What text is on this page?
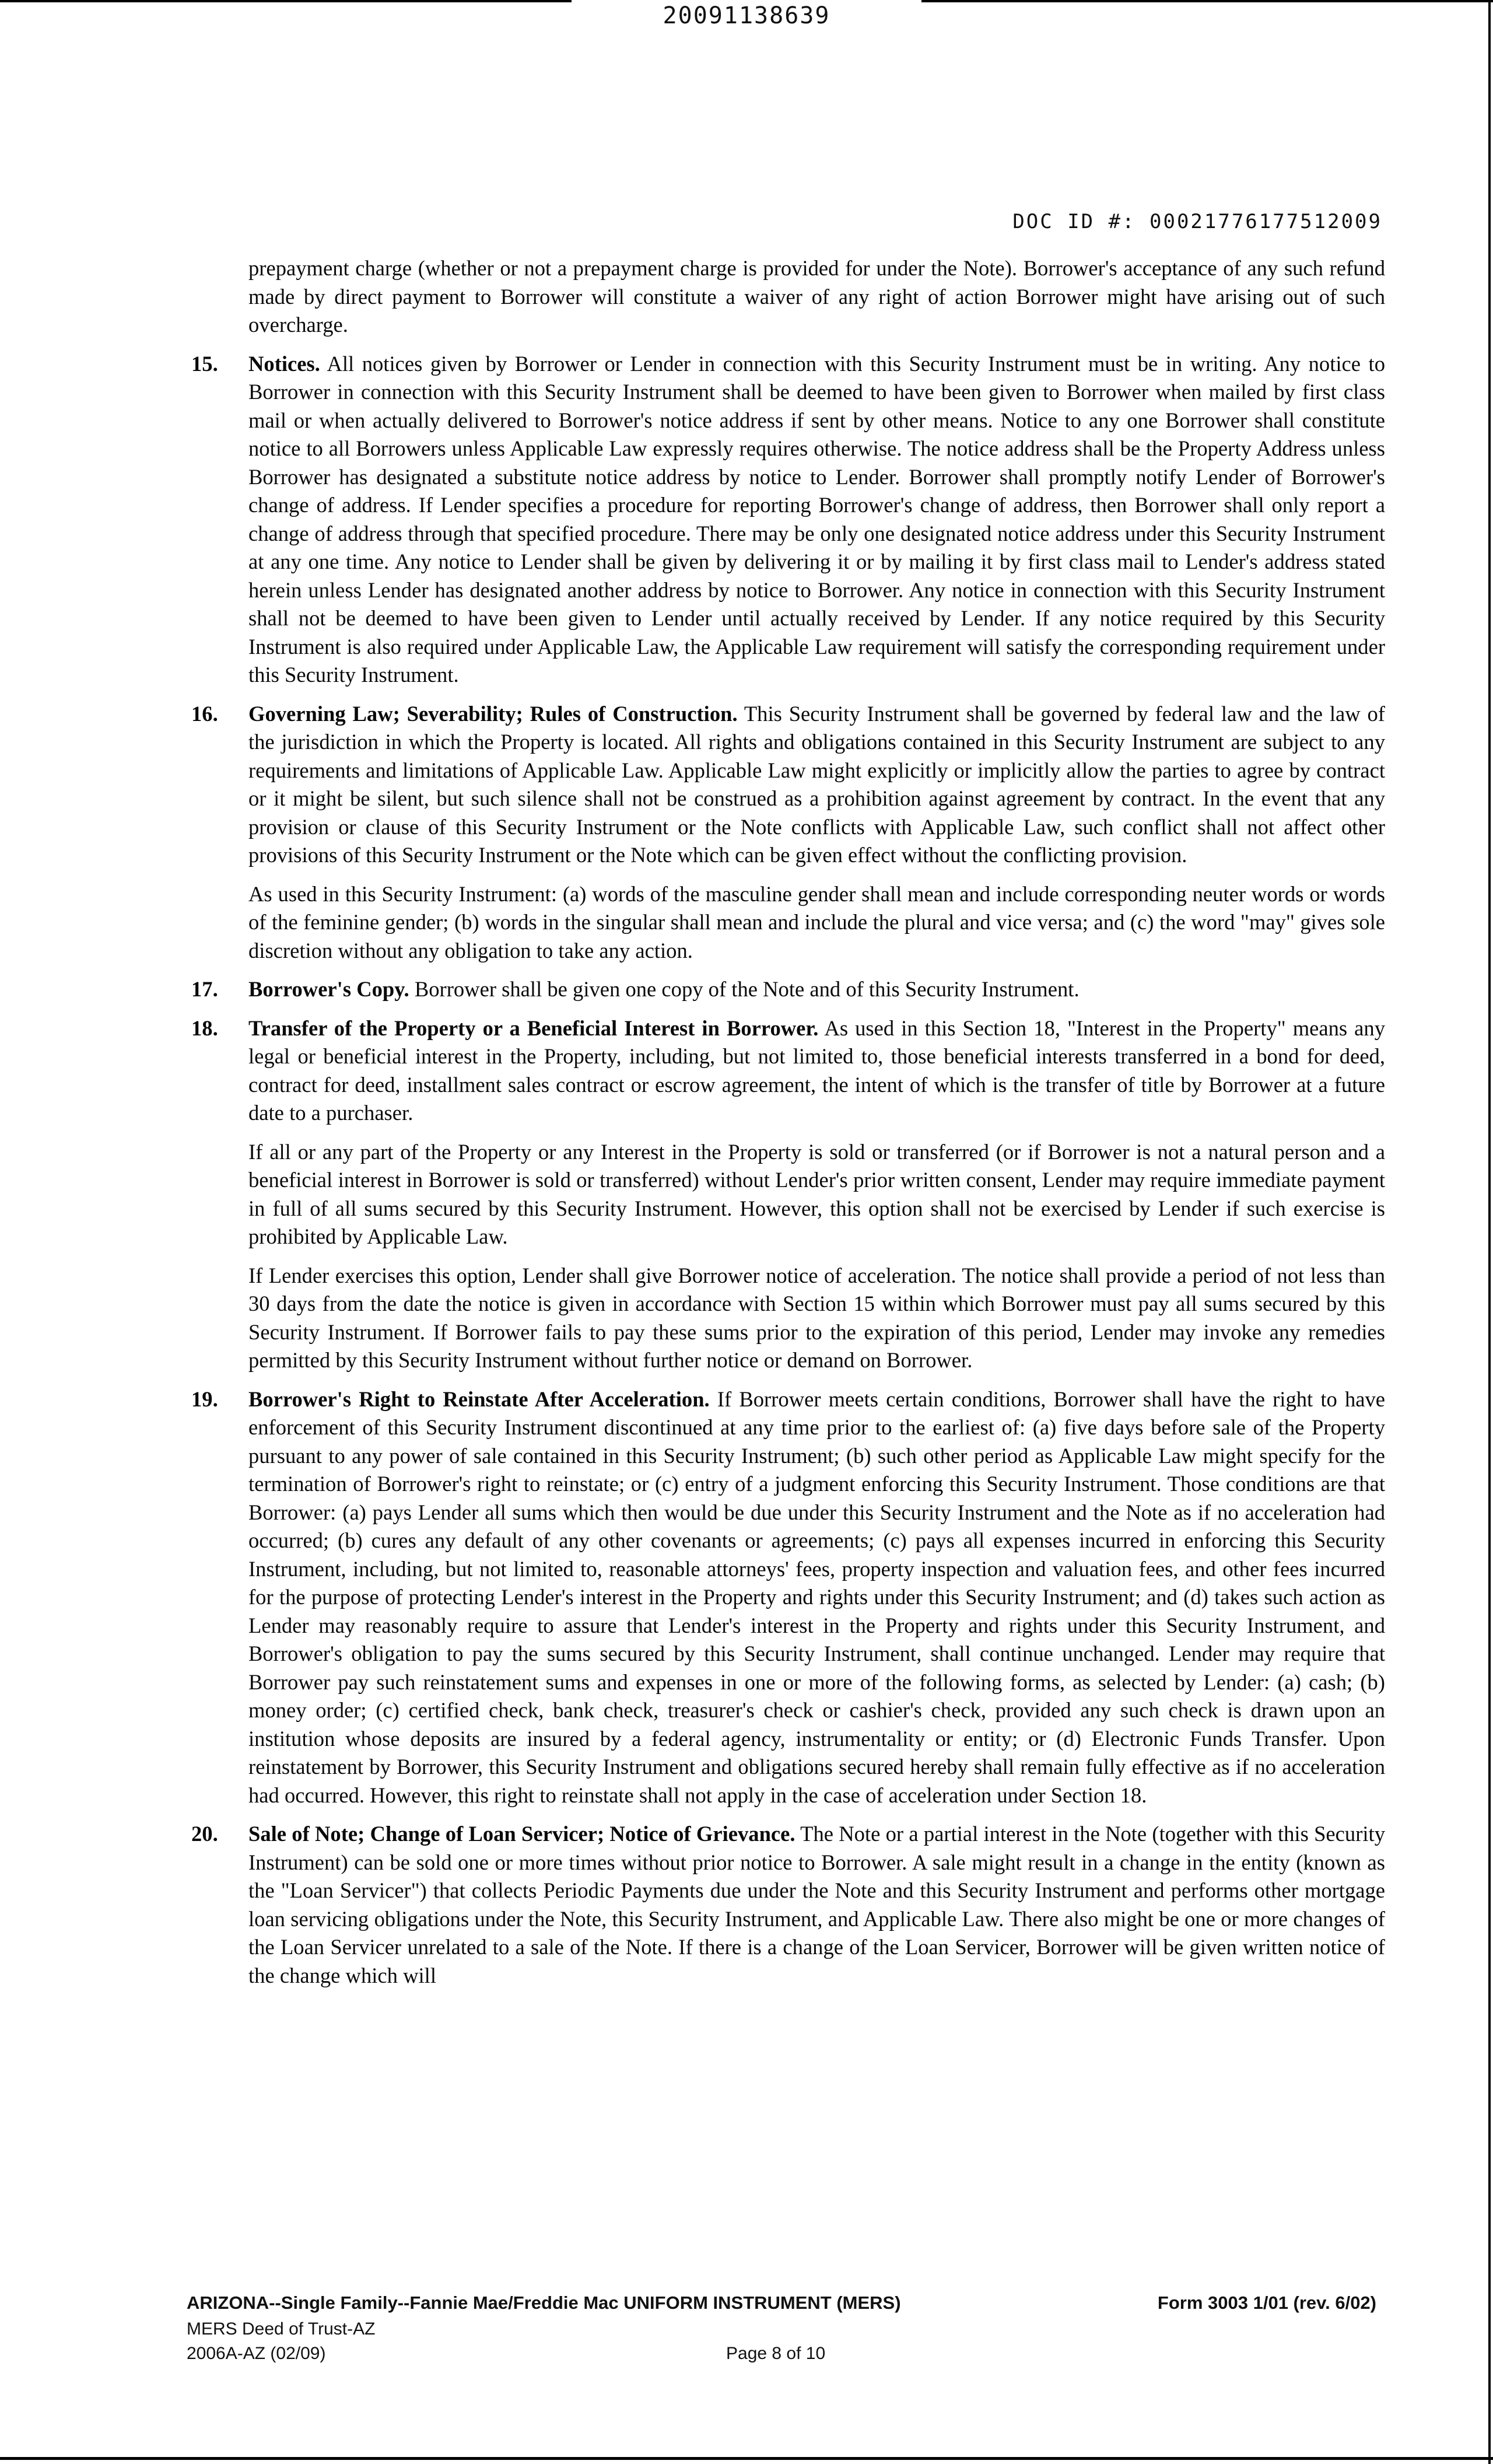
20091138639
DOC ID #: 00021776177512009

prepayment charge (whether or not a prepayment charge is provided for under the Note). Borrower's acceptance of any such refund made by direct payment to Borrower will constitute a waiver of any right of action Borrower might have arising out of such overcharge.

15. Notices. All notices given by Borrower or Lender in connection with this Security Instrument must be in writing. Any notice to Borrower in connection with this Security Instrument shall be deemed to have been given to Borrower when mailed by first class mail or when actually delivered to Borrower's notice address if sent by other means. Notice to any one Borrower shall constitute notice to all Borrowers unless Applicable Law expressly requires otherwise. The notice address shall be the Property Address unless Borrower has designated a substitute notice address by notice to Lender. Borrower shall promptly notify Lender of Borrower's change of address. If Lender specifies a procedure for reporting Borrower's change of address, then Borrower shall only report a change of address through that specified procedure. There may be only one designated notice address under this Security Instrument at any one time. Any notice to Lender shall be given by delivering it or by mailing it by first class mail to Lender's address stated herein unless Lender has designated another address by notice to Borrower. Any notice in connection with this Security Instrument shall not be deemed to have been given to Lender until actually received by Lender. If any notice required by this Security Instrument is also required under Applicable Law, the Applicable Law requirement will satisfy the corresponding requirement under this Security Instrument.

16. Governing Law; Severability; Rules of Construction. This Security Instrument shall be governed by federal law and the law of the jurisdiction in which the Property is located. All rights and obligations contained in this Security Instrument are subject to any requirements and limitations of Applicable Law. Applicable Law might explicitly or implicitly allow the parties to agree by contract or it might be silent, but such silence shall not be construed as a prohibition against agreement by contract. In the event that any provision or clause of this Security Instrument or the Note conflicts with Applicable Law, such conflict shall not affect other provisions of this Security Instrument or the Note which can be given effect without the conflicting provision.

As used in this Security Instrument: (a) words of the masculine gender shall mean and include corresponding neuter words or words of the feminine gender; (b) words in the singular shall mean and include the plural and vice versa; and (c) the word "may" gives sole discretion without any obligation to take any action.

17. Borrower's Copy. Borrower shall be given one copy of the Note and of this Security Instrument.

18. Transfer of the Property or a Beneficial Interest in Borrower. As used in this Section 18, "Interest in the Property" means any legal or beneficial interest in the Property, including, but not limited to, those beneficial interests transferred in a bond for deed, contract for deed, installment sales contract or escrow agreement, the intent of which is the transfer of title by Borrower at a future date to a purchaser.

If all or any part of the Property or any Interest in the Property is sold or transferred (or if Borrower is not a natural person and a beneficial interest in Borrower is sold or transferred) without Lender's prior written consent, Lender may require immediate payment in full of all sums secured by this Security Instrument. However, this option shall not be exercised by Lender if such exercise is prohibited by Applicable Law.

If Lender exercises this option, Lender shall give Borrower notice of acceleration. The notice shall provide a period of not less than 30 days from the date the notice is given in accordance with Section 15 within which Borrower must pay all sums secured by this Security Instrument. If Borrower fails to pay these sums prior to the expiration of this period, Lender may invoke any remedies permitted by this Security Instrument without further notice or demand on Borrower.

19. Borrower's Right to Reinstate After Acceleration. If Borrower meets certain conditions, Borrower shall have the right to have enforcement of this Security Instrument discontinued at any time prior to the earliest of: (a) five days before sale of the Property pursuant to any power of sale contained in this Security Instrument; (b) such other period as Applicable Law might specify for the termination of Borrower's right to reinstate; or (c) entry of a judgment enforcing this Security Instrument. Those conditions are that Borrower: (a) pays Lender all sums which then would be due under this Security Instrument and the Note as if no acceleration had occurred; (b) cures any default of any other covenants or agreements; (c) pays all expenses incurred in enforcing this Security Instrument, including, but not limited to, reasonable attorneys' fees, property inspection and valuation fees, and other fees incurred for the purpose of protecting Lender's interest in the Property and rights under this Security Instrument; and (d) takes such action as Lender may reasonably require to assure that Lender's interest in the Property and rights under this Security Instrument, and Borrower's obligation to pay the sums secured by this Security Instrument, shall continue unchanged. Lender may require that Borrower pay such reinstatement sums and expenses in one or more of the following forms, as selected by Lender: (a) cash; (b) money order; (c) certified check, bank check, treasurer's check or cashier's check, provided any such check is drawn upon an institution whose deposits are insured by a federal agency, instrumentality or entity; or (d) Electronic Funds Transfer. Upon reinstatement by Borrower, this Security Instrument and obligations secured hereby shall remain fully effective as if no acceleration had occurred. However, this right to reinstate shall not apply in the case of acceleration under Section 18.

20. Sale of Note; Change of Loan Servicer; Notice of Grievance. The Note or a partial interest in the Note (together with this Security Instrument) can be sold one or more times without prior notice to Borrower. A sale might result in a change in the entity (known as the "Loan Servicer") that collects Periodic Payments due under the Note and this Security Instrument and performs other mortgage loan servicing obligations under the Note, this Security Instrument, and Applicable Law. There also might be one or more changes of the Loan Servicer unrelated to a sale of the Note. If there is a change of the Loan Servicer, Borrower will be given written notice of the change which will

ARIZONA--Single Family--Fannie Mae/Freddie Mac UNIFORM INSTRUMENT (MERS)	Form 3003 1/01 (rev. 6/02)
MERS Deed of Trust-AZ
2006A-AZ (02/09)	Page 8 of 10
